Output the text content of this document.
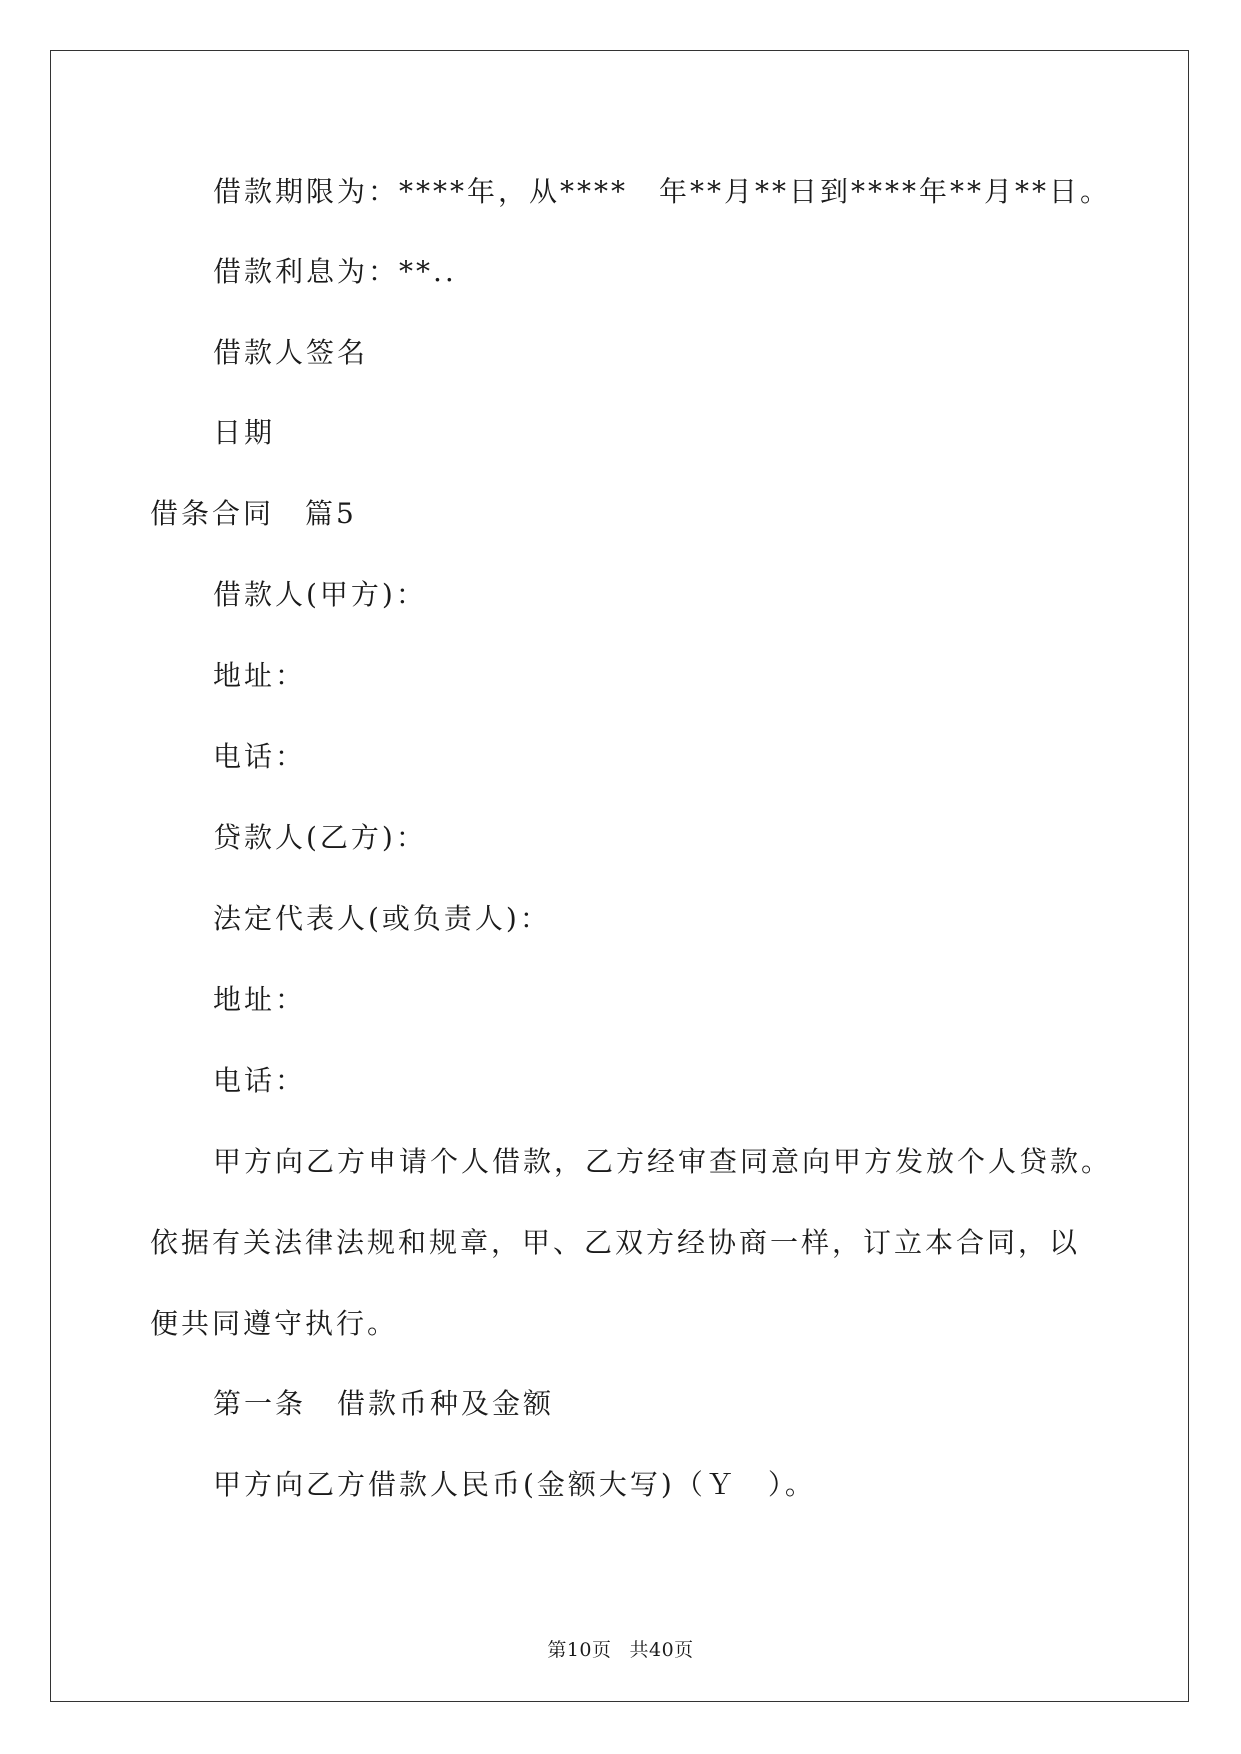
借款期限为：****年，从****　年**月**日到****年**月**日。

借款利息为：**..

借款人签名

日期

借条合同　篇5

借款人(甲方)：

地址：

电话：

贷款人(乙方)：

法定代表人(或负责人)：

地址：

电话：

甲方向乙方申请个人借款，乙方经审查同意向甲方发放个人贷款。

依据有关法律法规和规章，甲、乙双方经协商一样，订立本合同，以

便共同遵守执行。

第一条　借款币种及金额

甲方向乙方借款人民币(金额大写)（Ｙ　）。

第10页 共40页
